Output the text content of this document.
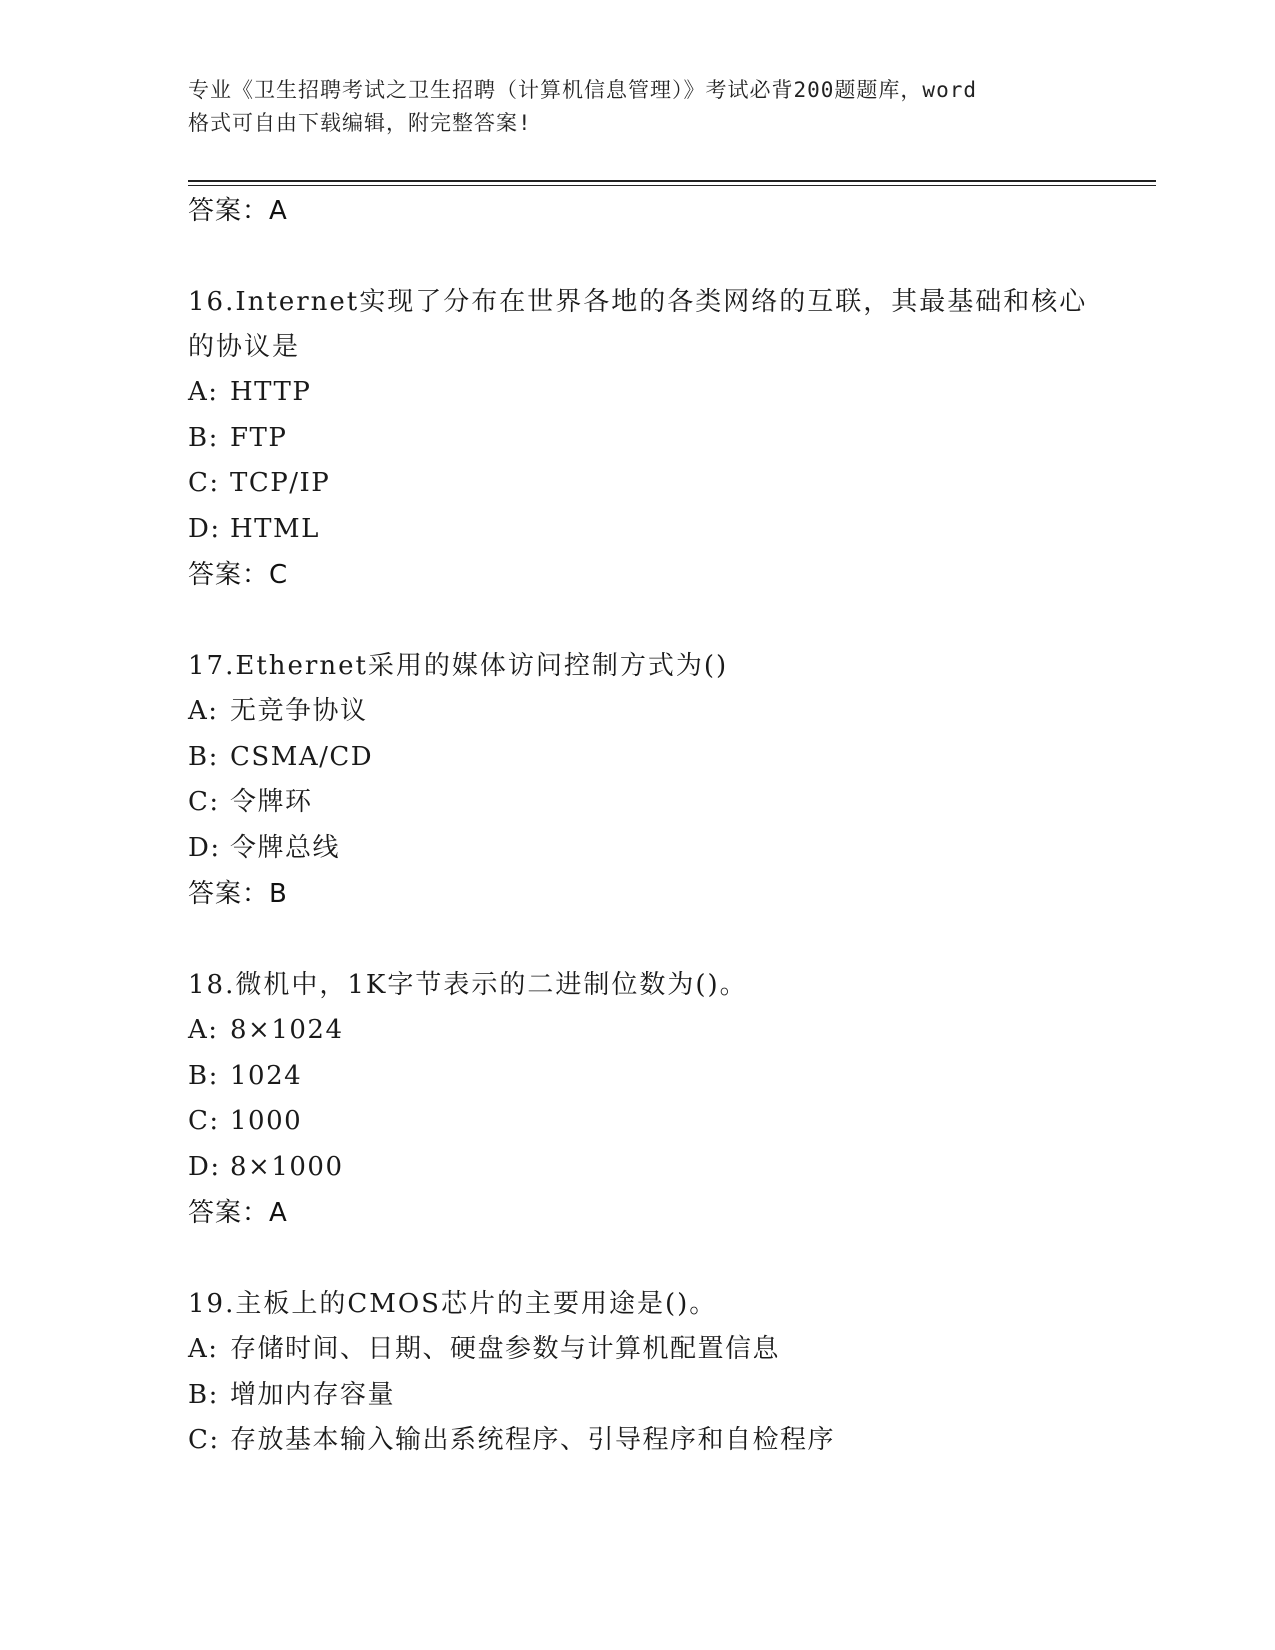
专业《卫生招聘考试之卫生招聘（计算机信息管理）》考试必背200题题库，word
格式可自由下载编辑，附完整答案!

答案：A

16.Internet实现了分布在世界各地的各类网络的互联，其最基础和核心的协议是

A: HTTP

B: FTP

C: TCP/IP

D: HTML

答案：C

17.Ethernet采用的媒体访问控制方式为()

A: 无竞争协议

B: CSMA/CD

C: 令牌环

D: 令牌总线

答案：B

18.微机中，1K字节表示的二进制位数为()。

A: 8×1024

B: 1024

C: 1000

D: 8×1000

答案：A

19.主板上的CMOS芯片的主要用途是()。

A: 存储时间、日期、硬盘参数与计算机配置信息

B: 增加内存容量

C: 存放基本输入输出系统程序、引导程序和自检程序
